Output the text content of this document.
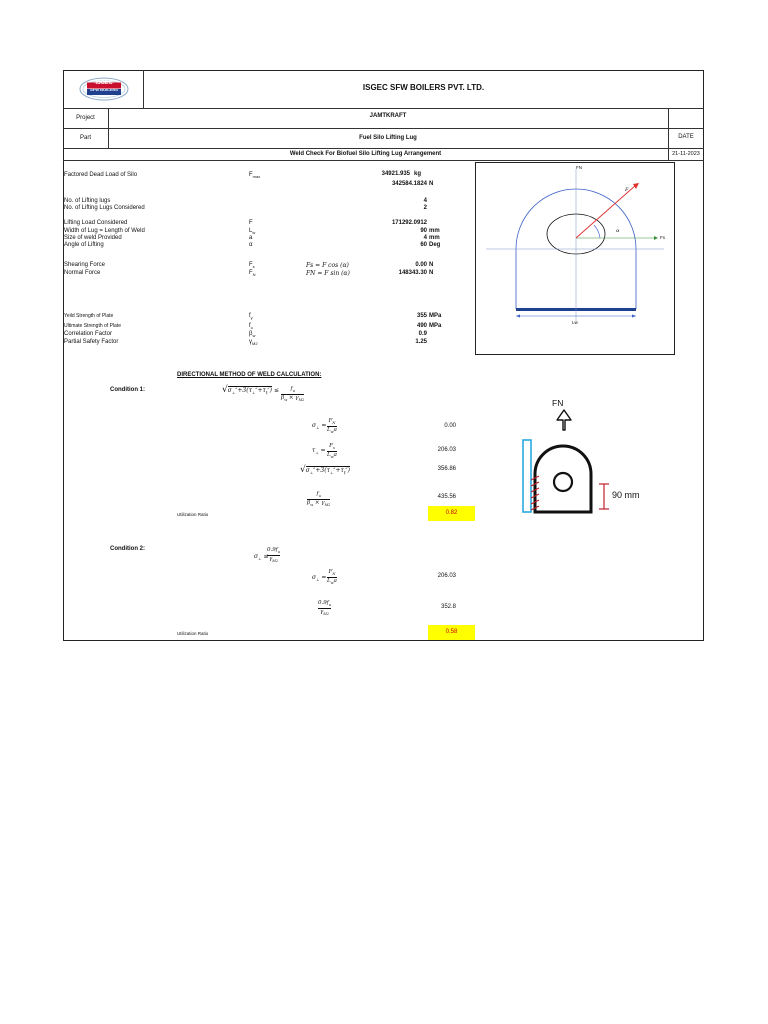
ISGEC
SFW BOILERS	ISGEC SFW BOILERS PVT. LTD.
Project	JAMTKRAFT
Part	Fuel Silo Lifting Lug	DATE
Weld Check For Biofuel Silo Lifting Lug Arrangement	21-11-2023
Factored Dead Load of Silo	$F_{max}$	34921.935 kg
342584.1824 N
No. of Lifting lugs	4
No. of Lifting Lugs Considered	2
Lifting Load Considered	F	171292.0912
Width of Lug = Length of Weld	$L_w$	90 mm
Size of weld Provided	a	4 mm
Angle of Lifting	α	60 Deg
Shearing Force	$F_s$	Fs = F cos (α)	0.00 N
Normal Force	$F_N$	FN = F sin (α)	148343.30 N
Yeild Strength of Plate	$f_y$	355 MPa
Ultimate Strength of Plate	$f_u$	490 MPa
Correlation Factor	$\beta_w$	0.9
Partial Safety Factor	$\gamma_{M2}$	1.25
FN
F
Fs
α
Lw
DIRECTIONAL METHOD OF WELD CALCULATION:
Condition 1:	$√\sigma_\perp^2+3(\tau_\perp^2+\tau_\parallel^2) \le f_u$
$\beta_w \times \gamma_{M2}$
$\sigma_\perp$ =
$F_N$
$L_wa$
0.00
$\tau_\perp$ =
$F_s$
$L_wa$
206.03
$√\sigma_\perp^2+3(\tau_\perp^2+\tau_\parallel^2)$	356.86
$f_u$
$\beta_w \times \gamma_{M2}$
435.56
Utilization Ratio	0.82
FN
90 mm
Condition 2:
$\sigma_\perp$ ≤
$0.9f_u$
$\gamma_{M2}$
$\sigma_\perp$ =
$F_N$
$L_wa$
206.03
$0.9f_u$
$\gamma_{M2}$
352.8
Utilization Ratio	0.58
